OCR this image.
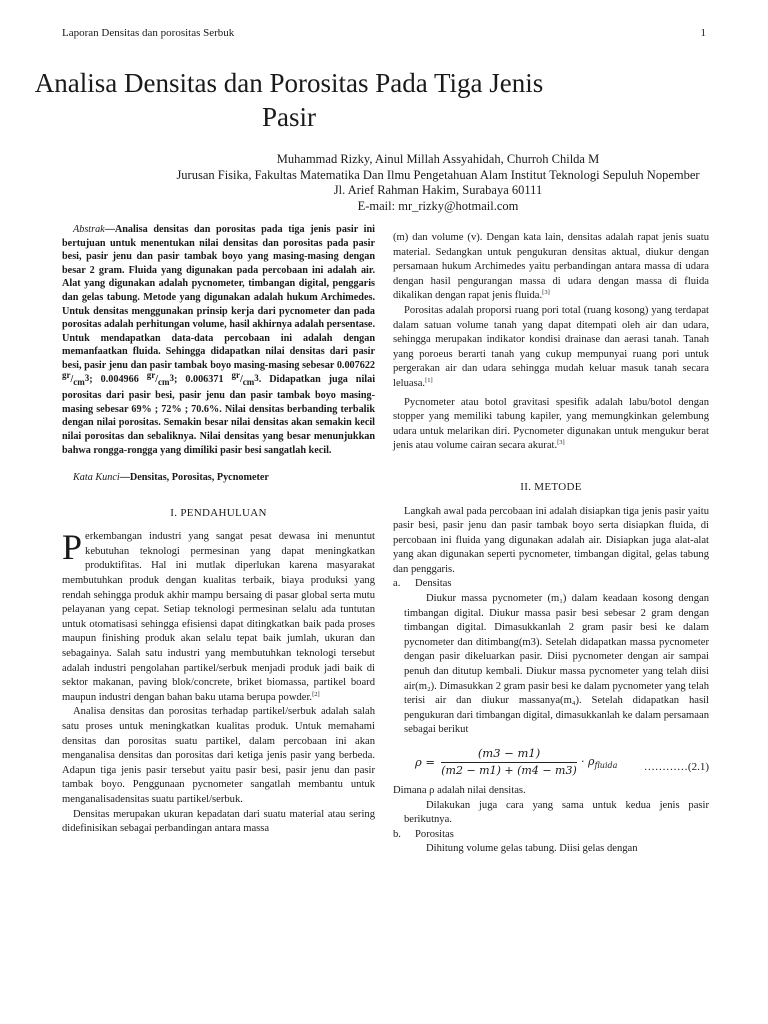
Laporan Densitas dan porositas Serbuk	1
Analisa Densitas dan Porositas Pada Tiga Jenis
Pasir
Muhammad Rizky, Ainul Millah Assyahidah, Churroh Childa M
Jurusan Fisika, Fakultas Matematika Dan Ilmu Pengetahuan Alam Institut Teknologi Sepuluh Nopember
Jl. Arief Rahman Hakim, Surabaya 60111
E-mail: mr_rizky@hotmail.com

Abstrak—Analisa densitas dan porositas pada tiga jenis pasir ini bertujuan untuk menentukan nilai densitas dan porositas pada pasir besi, pasir jenu dan pasir tambak boyo yang masing-masing dengan besar 2 gram. Fluida yang digunakan pada percobaan ini adalah air. Alat yang digunakan adalah pycnometer, timbangan digital, penggaris dan gelas tabung. Metode yang digunakan adalah hukum Archimedes. Untuk densitas menggunakan prinsip kerja dari pycnometer dan pada porositas adalah perhitungan volume, hasil akhirnya adalah persentase. Untuk mendapatkan data-data percobaan ini adalah dengan memanfaatkan fluida. Sehingga didapatkan nilai densitas dari pasir besi, pasir jenu dan pasir tambak boyo masing-masing sebesar 0.007622 $^{gr}/_{cm^3}$; 0.004966 $^{gr}/_{cm^3}$; 0.006371 $^{gr}/_{cm^3}$. Didapatkan juga nilai porositas dari pasir besi, pasir jenu dan pasir tambak boyo masing-masing sebesar 69% ; 72% ; 70.6%. Nilai densitas berbanding terbalik dengan nilai porositas. Semakin besar nilai densitas akan semakin kecil nilai porositas dan sebaliknya. Nilai densitas yang besar menunjukkan bahwa rongga-rongga yang dimiliki pasir besi sangatlah kecil.

Kata Kunci—Densitas, Porositas, Pycnometer

I. PENDAHULUAN

Perkembangan industri yang sangat pesat dewasa ini menuntut kebutuhan teknologi permesinan yang dapat meningkatkan produktifitas. Hal ini mutlak diperlukan karena masyarakat membutuhkan produk dengan kualitas terbaik, biaya produksi yang rendah sehingga produk akhir mampu bersaing di pasar global serta mutu pelayanan yang cepat. Setiap teknologi permesinan selalu ada tuntutan untuk otomatisasi sehingga efisiensi dapat ditingkatkan baik pada proses maupun finishing produk akan selalu tepat baik jumlah, ukuran dan sebagainya. Salah satu industri yang membutuhkan teknologi tersebut adalah industri pengolahan partikel/serbuk menjadi produk jadi baik di sektor makanan, paving blok/concrete, briket biomassa, partikel board maupun industri dengan bahan baku utama berupa powder.[2]

Analisa densitas dan porositas terhadap partikel/serbuk adalah salah satu proses untuk meningkatkan kualitas produk. Untuk memahami densitas dan porositas suatu partikel, dalam percobaan ini akan menganalisa densitas dan porositas dari ketiga jenis pasir yang berbeda. Adapun tiga jenis pasir tersebut yaitu pasir besi, pasir jenu dan pasir tambak boyo. Penggunaan pycnometer sangatlah membantu untuk menganalisadensitas suatu partikel/serbuk.

Densitas merupakan ukuran kepadatan dari suatu material atau sering didefinisikan sebagai perbandingan antara massa

(m) dan volume (v). Dengan kata lain, densitas adalah rapat jenis suatu material. Sedangkan untuk pengukuran densitas aktual, diukur dengan persamaan hukum Archimedes yaitu perbandingan antara massa di udara dengan hasil pengurangan massa di udara dengan massa di fluida dikalikan dengan rapat jenis fluida.[3]

Porositas adalah proporsi ruang pori total (ruang kosong) yang terdapat dalam satuan volume tanah yang dapat ditempati oleh air dan udara, sehingga merupakan indikator kondisi drainase dan aerasi tanah. Tanah yang poroeus berarti tanah yang cukup mempunyai ruang pori untuk pergerakan air dan udara sehingga mudah keluar masuk tanah secara leluasa.[1]

Pycnometer atau botol gravitasi spesifik adalah labu/botol dengan stopper yang memiliki tabung kapiler, yang memungkinkan gelembung udara untuk melarikan diri. Pycnometer digunakan untuk mengukur berat jenis atau volume cairan secara akurat.[3]

II. METODE

Langkah awal pada percobaan ini adalah disiapkan tiga jenis pasir yaitu pasir besi, pasir jenu dan pasir tambak boyo serta disiapkan fluida, di percobaan ini fluida yang digunakan adalah air. Disiapkan juga alat-alat yang akan digunakan seperti pycnometer, timbangan digital, gelas tabung dan penggaris.

a. Densitas

Diukur massa pycnometer (m₁) dalam keadaan kosong dengan timbangan digital. Diukur massa pasir besi sebesar 2 gram dengan timbangan digital. Dimasukkanlah 2 gram pasir besi ke dalam pycnometer dan ditimbang(m3). Setelah didapatkan massa pycnometer dengan pasir dikeluarkan pasir. Diisi pycnometer dengan air sampai penuh dan ditutup kembali. Diukur massa pycnometer yang telah diisi air(m₂). Dimasukkan 2 gram pasir besi ke dalam pycnometer yang telah terisi air dan diukur massanya(m₄). Setelah didapatkan hasil pengukuran dari timbangan digital, dimasukkanlah ke dalam persamaan sebagai berikut

$\rho = \frac{(m3 - m1)}{(m2 - m1) + (m4 - m3)} \cdot \rho_{fluida}$ …………(2.1)

Dimana ρ adalah nilai densitas.

Dilakukan juga cara yang sama untuk kedua jenis pasir berikutnya.

b. Porositas

Dihitung volume gelas tabung. Diisi gelas dengan
